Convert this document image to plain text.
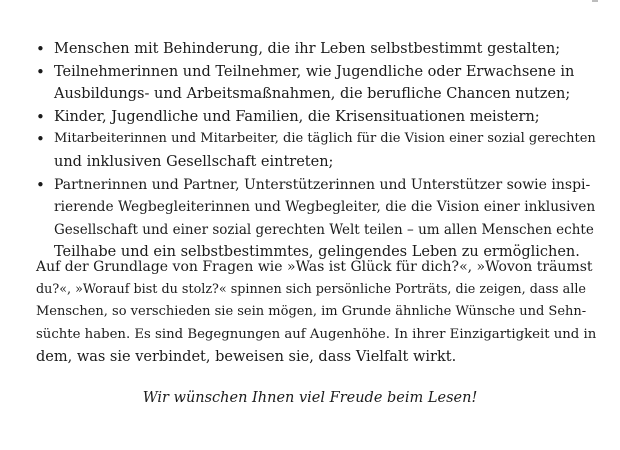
• Menschen mit Behinderung, die ihr Leben selbstbestimmt gestalten;
• Teilnehmerinnen und Teilnehmer, wie Jugendliche oder Erwachsene in
Ausbildungs- und Arbeitsmaßnahmen, die berufliche Chancen nutzen;
• Kinder, Jugendliche und Familien, die Krisensituationen meistern;
• Mitarbeiterinnen und Mitarbeiter, die täglich für die Vision einer sozial gerechten
und inklusiven Gesellschaft eintreten;
• Partnerinnen und Partner, Unterstützerinnen und Unterstützer sowie inspi-
rierende Wegbegleiterinnen und Wegbegleiter, die die Vision einer inklusiven
Gesellschaft und einer sozial gerechten Welt teilen – um allen Menschen echte
Teilhabe und ein selbstbestimmtes, gelingendes Leben zu ermöglichen.
Auf der Grundlage von Fragen wie »Was ist Glück für dich?«, »Wovon träumst
du?«, »Worauf bist du stolz?« spinnen sich persönliche Porträts, die zeigen, dass alle
Menschen, so verschieden sie sein mögen, im Grunde ähnliche Wünsche und Sehn-
süchte haben. Es sind Begegnungen auf Augenhöhe. In ihrer Einzigartigkeit und in
dem, was sie verbindet, beweisen sie, dass Vielfalt wirkt.
Wir wünschen Ihnen viel Freude beim Lesen!
